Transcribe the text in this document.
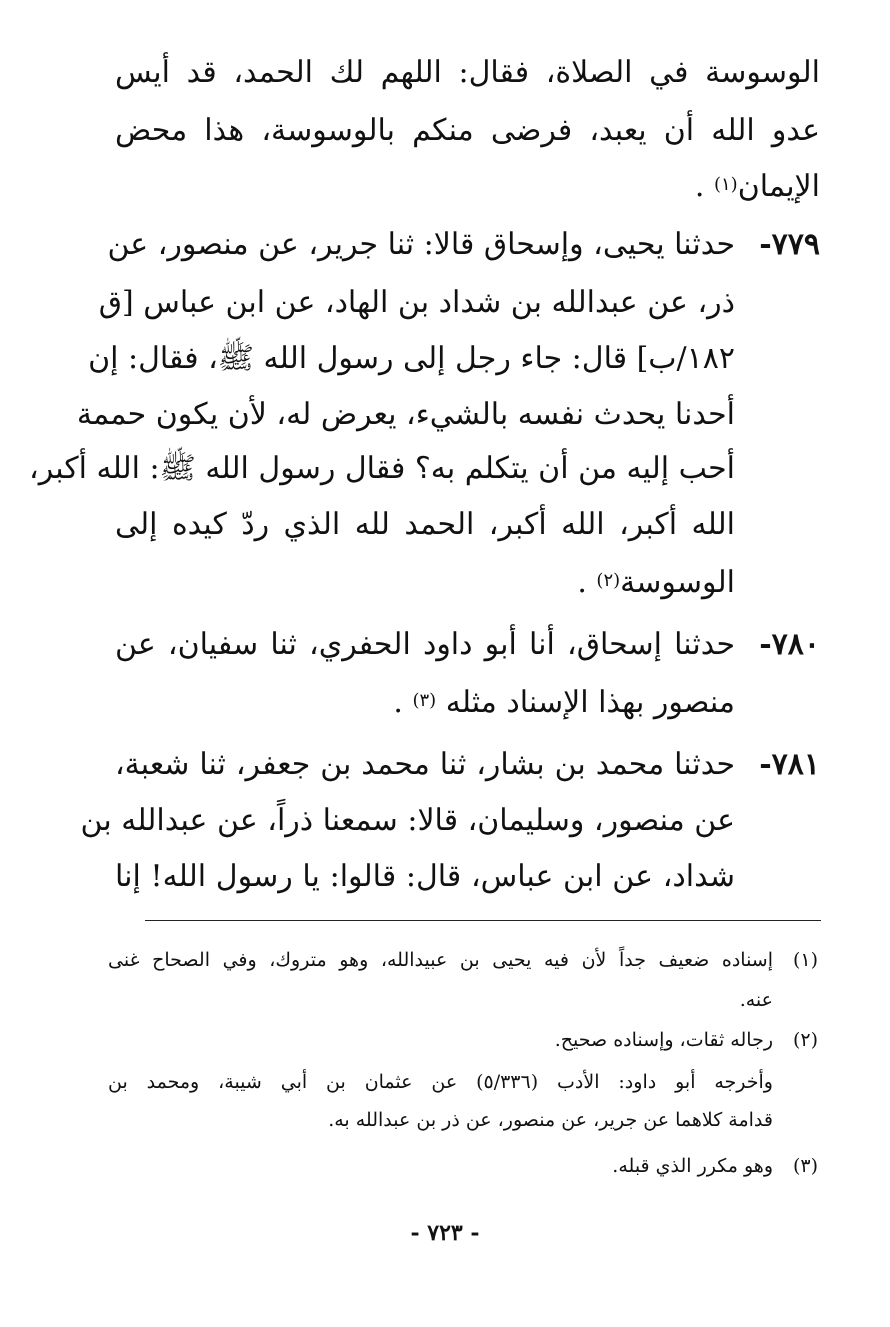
الوسوسة في الصلاة، فقال: اللهم لك الحمد، قد أيس
عدو الله أن يعبد، فرضى منكم بالوسوسة، هذا محض
الإيمان$^{(١)}$ .
٧٧٩-
حدثنا يحيى، وإسحاق قالا: ثنا جرير، عن منصور، عن
ذر، عن عبدالله بن شداد بن الهاد، عن ابن عباس [ق
١٨٢/ب] قال: جاء رجل إلى رسول الله ﷺ، فقال: إن
أحدنا يحدث نفسه بالشيء، يعرض له، لأن يكون حممة
أحب إليه من أن يتكلم به؟ فقال رسول الله ﷺ: الله أكبر،
الله أكبر، الله أكبر، الحمد لله الذي ردّ كيده إلى
الوسوسة$^{(٢)}$ .
٧٨٠-
حدثنا إسحاق، أنا أبو داود الحفري، ثنا سفيان، عن
منصور بهذا الإسناد مثله $^{(٣)}$ .
٧٨١-
حدثنا محمد بن بشار، ثنا محمد بن جعفر، ثنا شعبة،
عن منصور، وسليمان، قالا: سمعنا ذراً، عن عبدالله بن
شداد، عن ابن عباس، قال: قالوا: يا رسول الله! إنا
(١)
إسناده ضعيف جداً لأن فيه يحيى بن عبيدالله، وهو متروك، وفي الصحاح غنى
عنه.
(٢)
رجاله ثقات، وإسناده صحيح.
وأخرجه أبو داود: الأدب (٥/٣٣٦) عن عثمان بن أبي شيبة، ومحمد بن
قدامة كلاهما عن جرير، عن منصور، عن ذر بن عبدالله به.
(٣)
وهو مكرر الذي قبله.
- ٧٢٣ -
